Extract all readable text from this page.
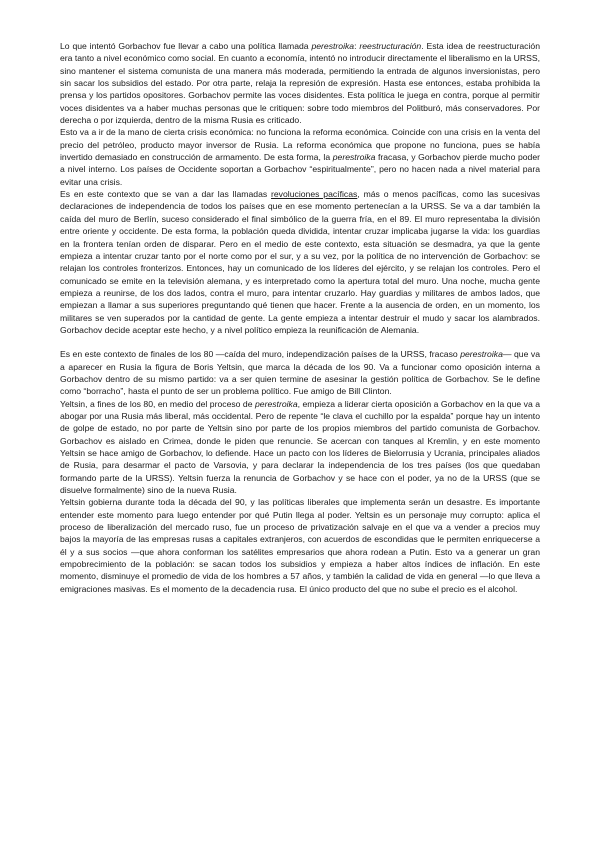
Lo que intentó Gorbachov fue llevar a cabo una política llamada perestroika: reestructuración. Esta idea de reestructuración era tanto a nivel económico como social. En cuanto a economía, intentó no introducir directamente el liberalismo en la URSS, sino mantener el sistema comunista de una manera más moderada, permitiendo la entrada de algunos inversionistas, pero sin sacar los subsidios del estado. Por otra parte, relaja la represión de expresión. Hasta ese entonces, estaba prohibida la prensa y los partidos opositores. Gorbachov permite las voces disidentes. Esta política le juega en contra, porque al permitir voces disidentes va a haber muchas personas que le critiquen: sobre todo miembros del Politburó, más conservadores. Por derecha o por izquierda, dentro de la misma Rusia es criticado.

Esto va a ir de la mano de cierta crisis económica: no funciona la reforma económica. Coincide con una crisis en la venta del precio del petróleo, producto mayor inversor de Rusia. La reforma económica que propone no funciona, pues se había invertido demasiado en construcción de armamento. De esta forma, la perestroika fracasa, y Gorbachov pierde mucho poder a nivel interno. Los países de Occidente soportan a Gorbachov “espiritualmente”, pero no hacen nada a nivel material para evitar una crisis.

Es en este contexto que se van a dar las llamadas revoluciones pacíficas, más o menos pacíficas, como las sucesivas declaraciones de independencia de todos los países que en ese momento pertenecían a la URSS. Se va a dar también la caída del muro de Berlín, suceso considerado el final simbólico de la guerra fría, en el 89. El muro representaba la división entre oriente y occidente. De esta forma, la población queda dividida, intentar cruzar implicaba jugarse la vida: los guardias en la frontera tenían orden de disparar. Pero en el medio de este contexto, esta situación se desmadra, ya que la gente empieza a intentar cruzar tanto por el norte como por el sur, y a su vez, por la política de no intervención de Gorbachov: se relajan los controles fronterizos. Entonces, hay un comunicado de los líderes del ejército, y se relajan los controles. Pero el comunicado se emite en la televisión alemana, y es interpretado como la apertura total del muro. Una noche, mucha gente empieza a reunirse, de los dos lados, contra el muro, para intentar cruzarlo. Hay guardias y militares de ambos lados, que empiezan a llamar a sus superiores preguntando qué tienen que hacer. Frente a la ausencia de orden, en un momento, los militares se ven superados por la cantidad de gente. La gente empieza a intentar destruir el mudo y sacar los alambrados. Gorbachov decide aceptar este hecho, y a nivel político empieza la reunificación de Alemania.

Es en este contexto de finales de los 80 —caída del muro, independización países de la URSS, fracaso perestroika— que va a aparecer en Rusia la figura de Boris Yeltsin, que marca la década de los 90. Va a funcionar como oposición interna a Gorbachov dentro de su mismo partido: va a ser quien termine de asesinar la gestión política de Gorbachov. Se le define como “borracho”, hasta el punto de ser un problema político. Fue amigo de Bill Clinton.

Yeltsin, a fines de los 80, en medio del proceso de perestroika, empieza a liderar cierta oposición a Gorbachov en la que va a abogar por una Rusia más liberal, más occidental. Pero de repente “le clava el cuchillo por la espalda” porque hay un intento de golpe de estado, no por parte de Yeltsin sino por parte de los propios miembros del partido comunista de Gorbachov. Gorbachov es aislado en Crimea, donde le piden que renuncie. Se acercan con tanques al Kremlin, y en este momento Yeltsin se hace amigo de Gorbachov, lo defiende. Hace un pacto con los líderes de Bielorrusia y Ucrania, principales aliados de Rusia, para desarmar el pacto de Varsovia, y para declarar la independencia de los tres países (los que quedaban formando parte de la URSS). Yeltsin fuerza la renuncia de Gorbachov y se hace con el poder, ya no de la URSS (que se disuelve formalmente) sino de la nueva Rusia.

Yeltsin gobierna durante toda la década del 90, y las políticas liberales que implementa serán un desastre. Es importante entender este momento para luego entender por qué Putin llega al poder. Yeltsin es un personaje muy corrupto: aplica el proceso de liberalización del mercado ruso, fue un proceso de privatización salvaje en el que va a vender a precios muy bajos la mayoría de las empresas rusas a capitales extranjeros, con acuerdos de escondidas que le permiten enriquecerse a él y a sus socios —que ahora conforman los satélites empresarios que ahora rodean a Putin. Esto va a generar un gran empobrecimiento de la población: se sacan todos los subsidios y empieza a haber altos índices de inflación. En este momento, disminuye el promedio de vida de los hombres a 57 años, y también la calidad de vida en general —lo que lleva a emigraciones masivas. Es el momento de la decadencia rusa. El único producto del que no sube el precio es el alcohol.
